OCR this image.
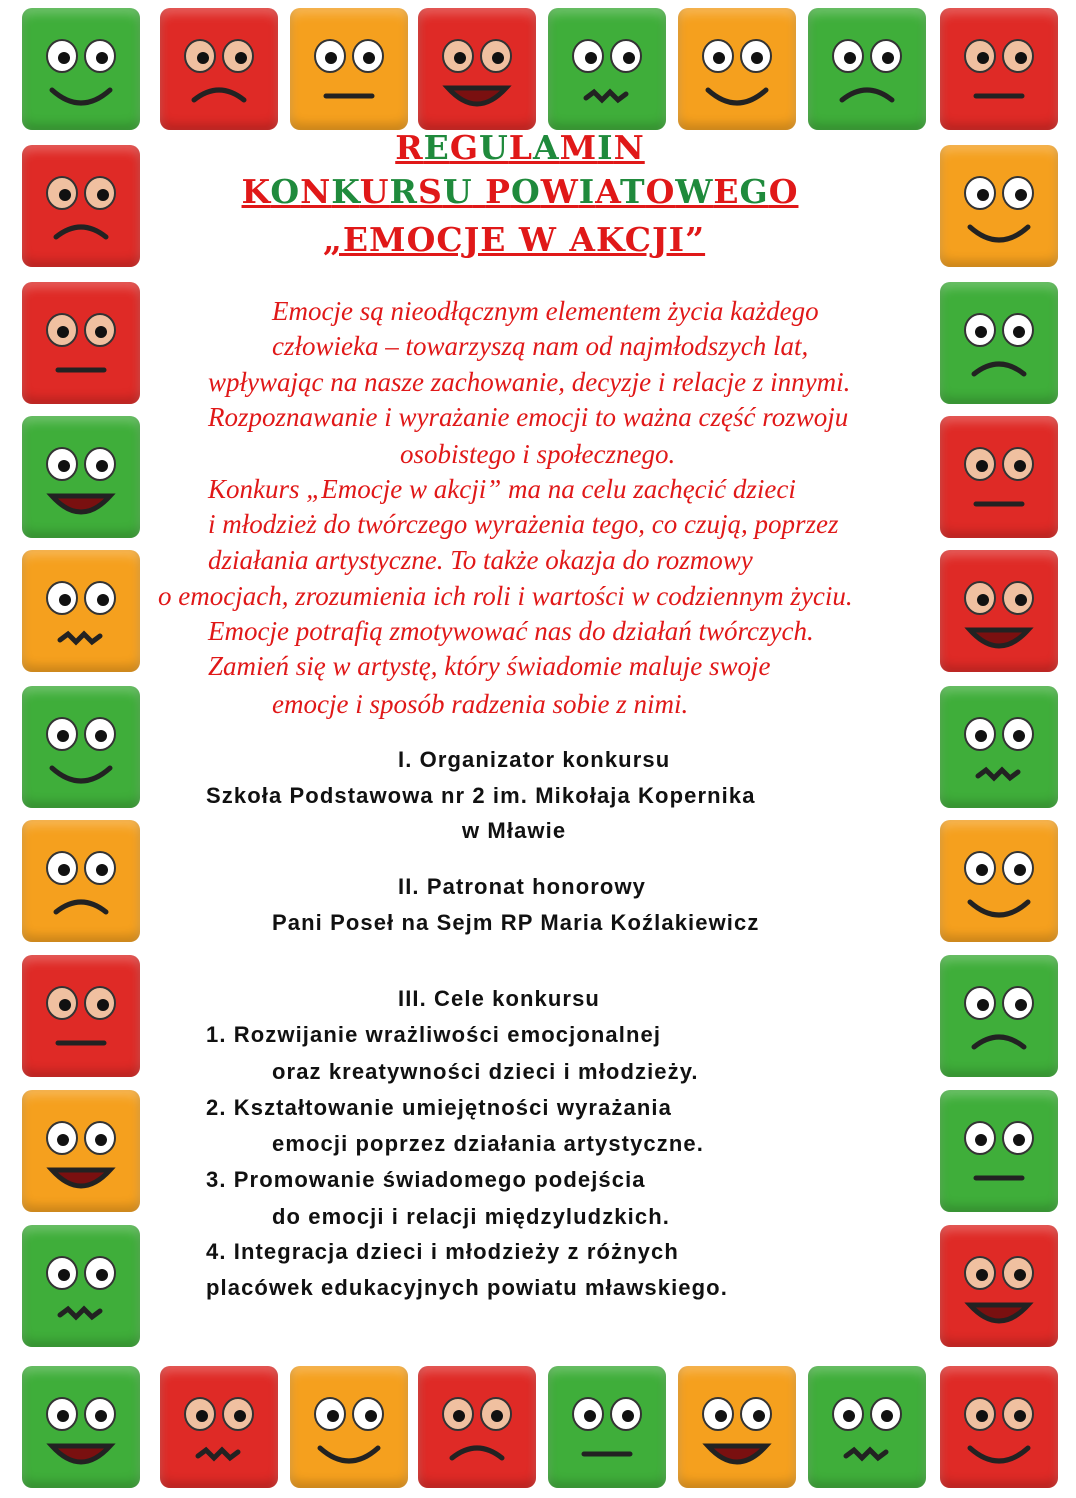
REGULAMIN
KONKURSU POWIATOWEGO
„EMOCJE W AKCJI”
Emocje są nieodłącznym elementem życia każdego
człowieka – towarzyszą nam od najmłodszych lat,
wpływając na nasze zachowanie, decyzje i relacje z innymi.
Rozpoznawanie i wyrażanie emocji to ważna część rozwoju
osobistego i społecznego.
Konkurs „Emocje w akcji” ma na celu zachęcić dzieci
i młodzież do twórczego wyrażenia tego, co czują, poprzez
działania artystyczne. To także okazja do rozmowy
o emocjach, zrozumienia ich roli i wartości w codziennym życiu.
Emocje potrafią zmotywować nas do działań twórczych.
Zamień się w artystę, który świadomie maluje swoje
emocje i sposób radzenia sobie z nimi.
I. Organizator konkursu
Szkoła Podstawowa nr 2 im. Mikołaja Kopernika
w Mławie
II. Patronat honorowy
Pani Poseł na Sejm RP Maria Koźlakiewicz
III. Cele konkursu
1. Rozwijanie wrażliwości emocjonalnej
oraz kreatywności dzieci i młodzieży.
2. Kształtowanie umiejętności wyrażania
emocji poprzez działania artystyczne.
3. Promowanie świadomego podejścia
do emocji i relacji międzyludzkich.
4. Integracja dzieci i młodzieży z różnych
placówek edukacyjnych powiatu mławskiego.
